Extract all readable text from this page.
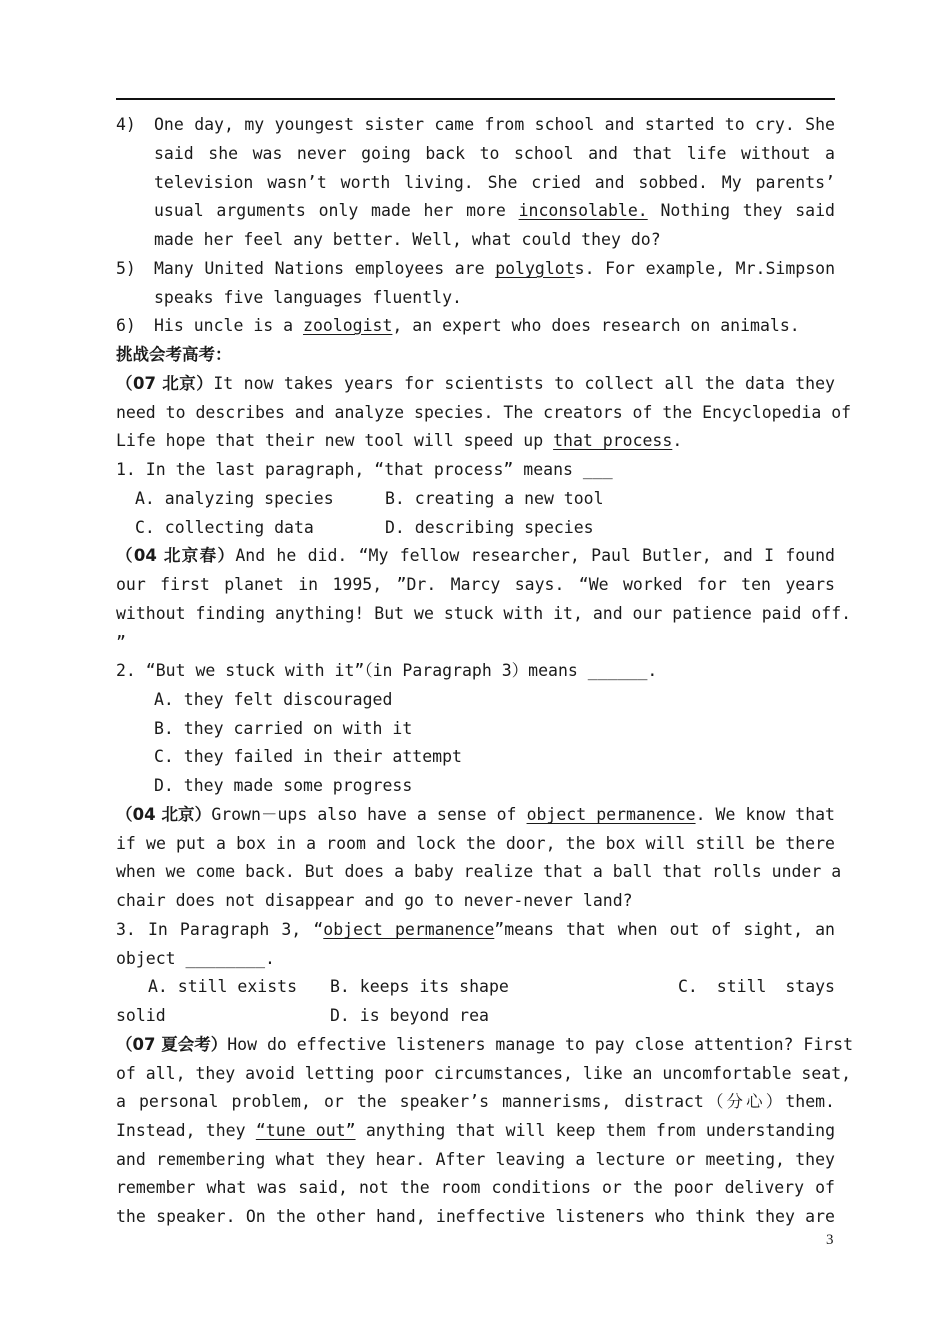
4) One day, my youngest sister came from school and started to cry. She
said she was never going back to school and that life without a
television wasn’t worth living. She cried and sobbed. My parents’
usual arguments only made her more inconsolable. Nothing they said
made her feel any better. Well, what could they do?
5) Many United Nations employees are polyglots. For example, Mr.Simpson
speaks five languages fluently.
6) His uncle is a zoologist, an expert who does research on animals.
挑战会考高考：
（07 北京）It now takes years for scientists to collect all the data they
need to describes and analyze species. The creators of the Encyclopedia of
Life hope that their new tool will speed up that process.
1. In the last paragraph, “that process” means ___
A. analyzing species	B. creating a new tool
C. collecting data	D. describing species
（04 北京春）And he did. “My fellow researcher, Paul Butler, and I found
our first planet in 1995, ”Dr. Marcy says. “We worked for ten years
without finding anything! But we stuck with it, and our patience paid off.
”
2. “But we stuck with it”（in Paragraph 3）means ______.
A. they felt discouraged
B. they carried on with it
C. they failed in their attempt
D. they made some progress
（04 北京）Grown－ups also have a sense of object permanence. We know that
if we put a box in a room and lock the door, the box will still be there
when we come back. But does a baby realize that a ball that rolls under a
chair does not disappear and go to never-never land?
3. In Paragraph 3, “object permanence”means that when out of sight, an
object ________.
A. still exists B. keeps its shape	C. still stays
solid	D. is beyond rea
（07 夏会考）How do effective listeners manage to pay close attention? First
of all, they avoid letting poor circumstances, like an uncomfortable seat,
a personal problem, or the speaker’s mannerisms, distract（分心）them.
Instead, they “tune out” anything that will keep them from understanding
and remembering what they hear. After leaving a lecture or meeting, they
remember what was said, not the room conditions or the poor delivery of
the speaker. On the other hand, ineffective listeners who think they are
3
